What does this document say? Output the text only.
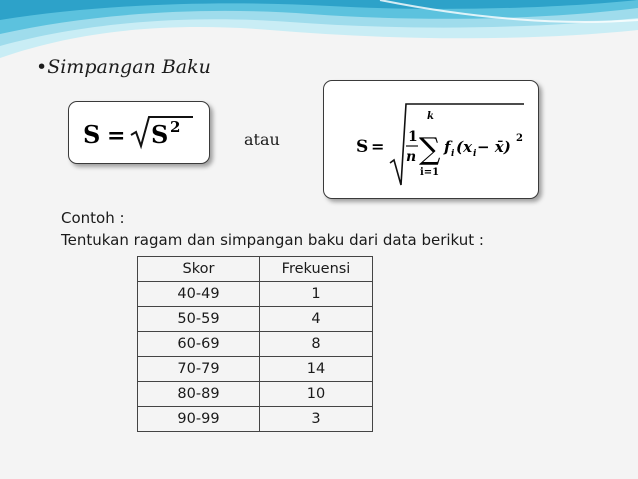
•Simpangan Baku
S = S 2
atau	S = 1
n
k
∑
i=1
f i (x i − x̄) 2
Contoh :
Tentukan ragam dan simpangan baku dari data berikut :
Skor	Frekuensi
40-49	1
50-59	4
60-69	8
70-79	14
80-89	10
90-99	3
